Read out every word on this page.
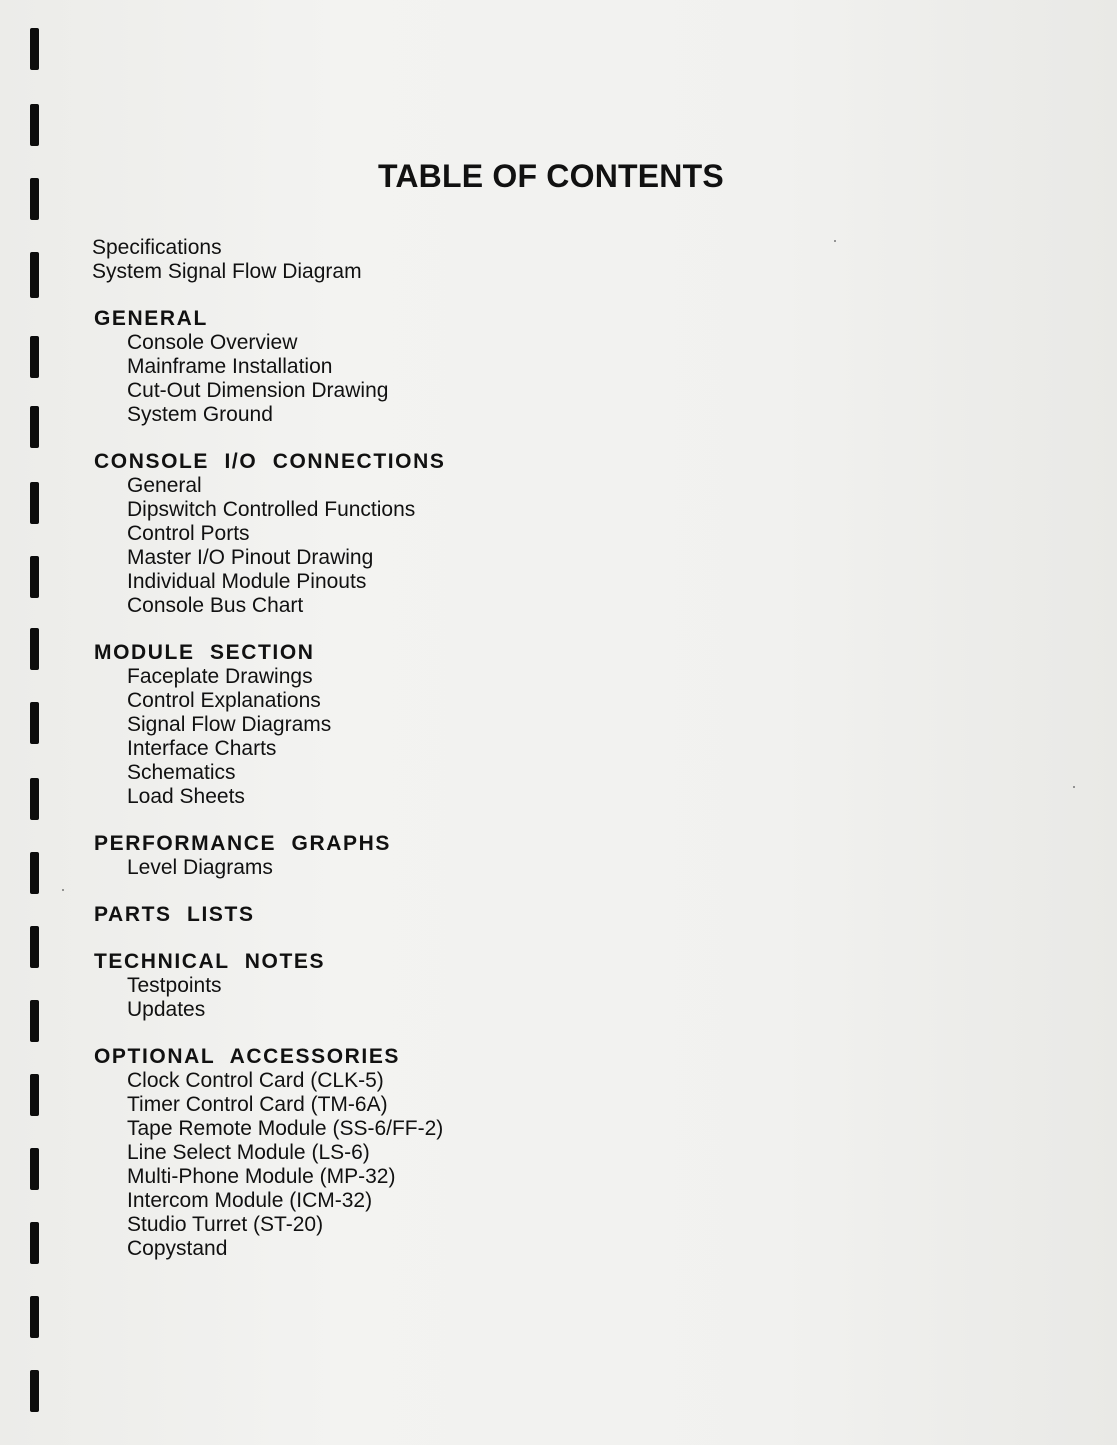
TABLE OF CONTENTS

Specifications

System Signal Flow Diagram

GENERAL
Console Overview
Mainframe Installation
Cut-Out Dimension Drawing
System Ground
CONSOLE I/O CONNECTIONS
General
Dipswitch Controlled Functions
Control Ports
Master I/O Pinout Drawing
Individual Module Pinouts
Console Bus Chart
MODULE SECTION
Faceplate Drawings
Control Explanations
Signal Flow Diagrams
Interface Charts
Schematics
Load Sheets
PERFORMANCE GRAPHS
Level Diagrams
PARTS LISTS
TECHNICAL NOTES
Testpoints
Updates
OPTIONAL ACCESSORIES
Clock Control Card (CLK-5)
Timer Control Card (TM-6A)
Tape Remote Module (SS-6/FF-2)
Line Select Module (LS-6)
Multi-Phone Module (MP-32)
Intercom Module (ICM-32)
Studio Turret (ST-20)
Copystand
